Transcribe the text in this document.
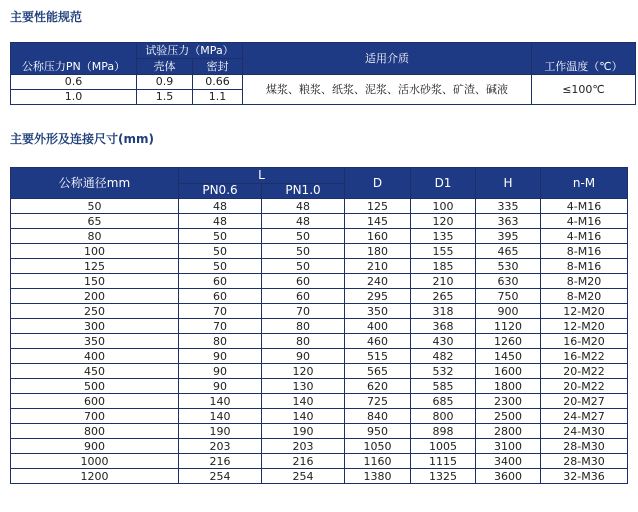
主要性能规范
公称压力PN（MPa）	试验压力（MPa）		适用介质	工作温度（℃）
	壳体	密封		
0.6	0.9	0.66	煤浆、粮浆、纸浆、泥浆、活水砂浆、矿渣、碱液	≤100℃
1.0	1.5	1.1		
主要外形及连接尺寸(mm)
公称通径mm	L		D	D1	H	n-M
	PN0.6	PN1.0				
50	48	48	125	100	335	4-M16
65	48	48	145	120	363	4-M16
80	50	50	160	135	395	4-M16
100	50	50	180	155	465	8-M16
125	50	50	210	185	530	8-M16
150	60	60	240	210	630	8-M20
200	60	60	295	265	750	8-M20
250	70	70	350	318	900	12-M20
300	70	80	400	368	1120	12-M20
350	80	80	460	430	1260	16-M20
400	90	90	515	482	1450	16-M22
450	90	120	565	532	1600	20-M22
500	90	130	620	585	1800	20-M22
600	140	140	725	685	2300	20-M27
700	140	140	840	800	2500	24-M27
800	190	190	950	898	2800	24-M30
900	203	203	1050	1005	3100	28-M30
1000	216	216	1160	1115	3400	28-M30
1200	254	254	1380	1325	3600	32-M36
